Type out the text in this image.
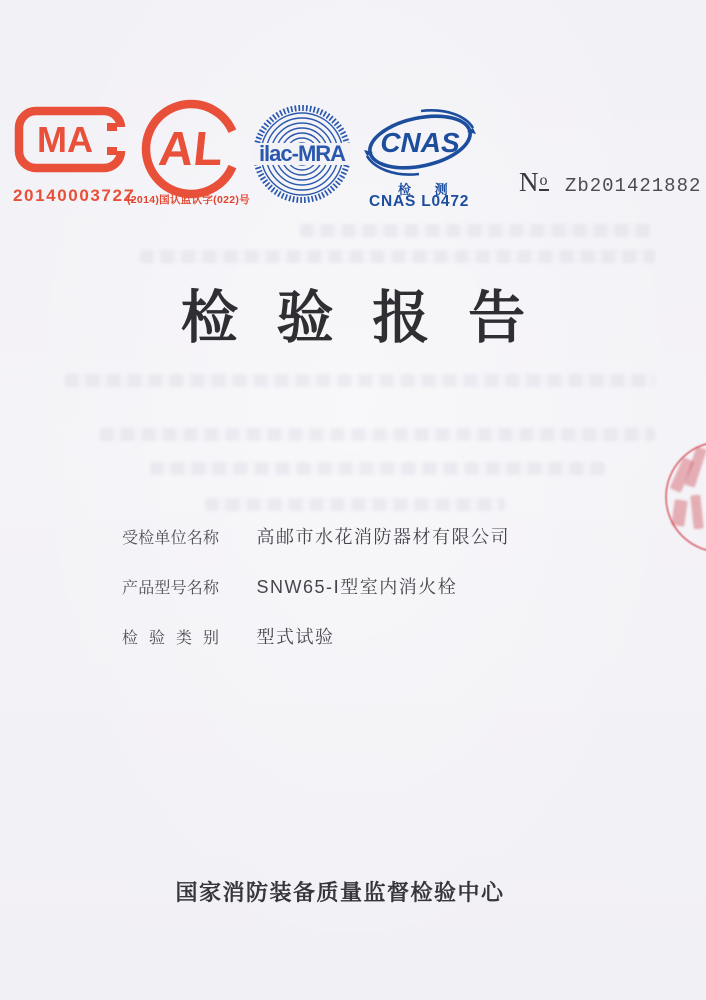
MA
2014000372Z
(2014)国认监认字(022)号
AL ilac-MRA CNAS
检 测
CNAS L0472
No Zb201421882
检验报告
受检单位名称 高邮市水花消防器材有限公司
产品型号名称 SNW65-Ⅰ型室内消火栓
检 验 类 别 型式试验
国家消防装备质量监督检验中心
